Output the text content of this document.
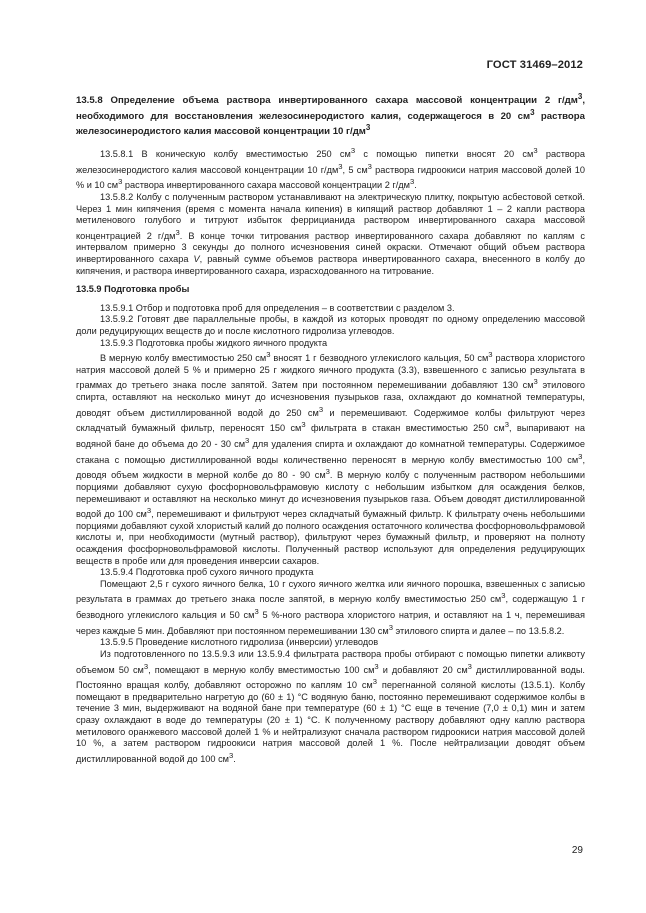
ГОСТ 31469–2012

13.5.8 Определение объема раствора инвертированного сахара массовой концентрации 2 $г/дм^3$, необходимого для восстановления железосинеродистого калия, содержащегося в 20 $см^3$ раствора железосинеродистого калия массовой концентрации 10 $г/дм^3$

13.5.8.1 В коническую колбу вместимостью 250 $см^3$ с помощью пипетки вносят 20 $см^3$ раствора железосинеродистого калия массовой концентрации 10 $г/дм^3$, 5 $см^3$ раствора гидроокиси натрия массовой долей 10 % и 10 $см^3$ раствора инвертированного сахара массовой концентрации 2 $г/дм^3$.

13.5.8.2 Колбу с полученным раствором устанавливают на электрическую плитку, покрытую асбестовой сеткой. Через 1 мин кипячения (время с момента начала кипения) в кипящий раствор добавляют 1 – 2 капли раствора метиленового голубого и титруют избыток феррицианида раствором инвертированного сахара массовой концентрацией 2 $г/дм^3$. В конце точки титрования раствор инвертированного сахара добавляют по каплям с интервалом примерно 3 секунды до полного исчезновения синей окраски. Отмечают общий объем раствора инвертированного сахара V, равный сумме объемов раствора инвертированного сахара, внесенного в колбу до кипячения, и раствора инвертированного сахара, израсходованного на титрование.

13.5.9 Подготовка пробы

13.5.9.1 Отбор и подготовка проб для определения – в соответствии с разделом 3.

13.5.9.2 Готовят две параллельные пробы, в каждой из которых проводят по одному определению массовой доли редуцирующих веществ до и после кислотного гидролиза углеводов.

13.5.9.3 Подготовка пробы жидкого яичного продукта

В мерную колбу вместимостью 250 $см^3$ вносят 1 г безводного углекислого кальция, 50 $см^3$ раствора хлористого натрия массовой долей 5 % и примерно 25 г жидкого яичного продукта (3.3), взвешенного с записью результата в граммах до третьего знака после запятой. Затем при постоянном перемешивании добавляют 130 $см^3$ этилового спирта, оставляют на несколько минут до исчезновения пузырьков газа, охлаждают до комнатной температуры, доводят объем дистиллированной водой до 250 $см^3$ и перемешивают. Содержимое колбы фильтруют через складчатый бумажный фильтр, переносят 150 $см^3$ фильтрата в стакан вместимостью 250 $см^3$, выпаривают на водяной бане до объема до 20 - 30 $см^3$ для удаления спирта и охлаждают до комнатной температуры. Содержимое стакана с помощью дистиллированной воды количественно переносят в мерную колбу вместимостью 100 $см^3$, доводя объем жидкости в мерной колбе до 80 - 90 $см^3$. В мерную колбу с полученным раствором небольшими порциями добавляют сухую фосфорновольфрамовую кислоту с небольшим избытком для осаждения белков, перемешивают и оставляют на несколько минут до исчезновения пузырьков газа. Объем доводят дистиллированной водой до 100 $см^3$, перемешивают и фильтруют через складчатый бумажный фильтр. К фильтрату очень небольшими порциями добавляют сухой хлористый калий до полного осаждения остаточного количества фосфорновольфрамовой кислоты и, при необходимости (мутный раствор), фильтруют через бумажный фильтр, и проверяют на полноту осаждения фосфорновольфрамовой кислоты. Полученный раствор используют для определения редуцирующих веществ в пробе или для проведения инверсии сахаров.

13.5.9.4 Подготовка проб сухого яичного продукта

Помещают 2,5 г сухого яичного белка, 10 г сухого яичного желтка или яичного порошка, взвешенных с записью результата в граммах до третьего знака после запятой, в мерную колбу вместимостью 250 $см^3$, содержащую 1 г безводного углекислого кальция и 50 $см^3$ 5 %-ного раствора хлористого натрия, и оставляют на 1 ч, перемешивая через каждые 5 мин. Добавляют при постоянном перемешивании 130 $см^3$ этилового спирта и далее – по 13.5.8.2.

13.5.9.5 Проведение кислотного гидролиза (инверсии) углеводов

Из подготовленного по 13.5.9.3 или 13.5.9.4 фильтрата раствора пробы отбирают с помощью пипетки аликвоту объемом 50 $см^3$, помещают в мерную колбу вместимостью 100 $см^3$ и добавляют 20 $см^3$ дистиллированной воды. Постоянно вращая колбу, добавляют осторожно по каплям 10 $см^3$ перегнанной соляной кислоты (13.5.1). Колбу помещают в предварительно нагретую до (60 ± 1) °С водяную баню, постоянно перемешивают содержимое колбы в течение 3 мин, выдерживают на водяной бане при температуре (60 ± 1) °С еще в течение (7,0 ± 0,1) мин и затем сразу охлаждают в воде до температуры (20 ± 1) °С. К полученному раствору добавляют одну каплю раствора метилового оранжевого массовой долей 1 % и нейтрализуют сначала раствором гидроокиси натрия массовой долей 10 %, а затем раствором гидроокиси натрия массовой долей 1 %. После нейтрализации доводят объем дистиллированной водой до 100 $см^3$.

29
